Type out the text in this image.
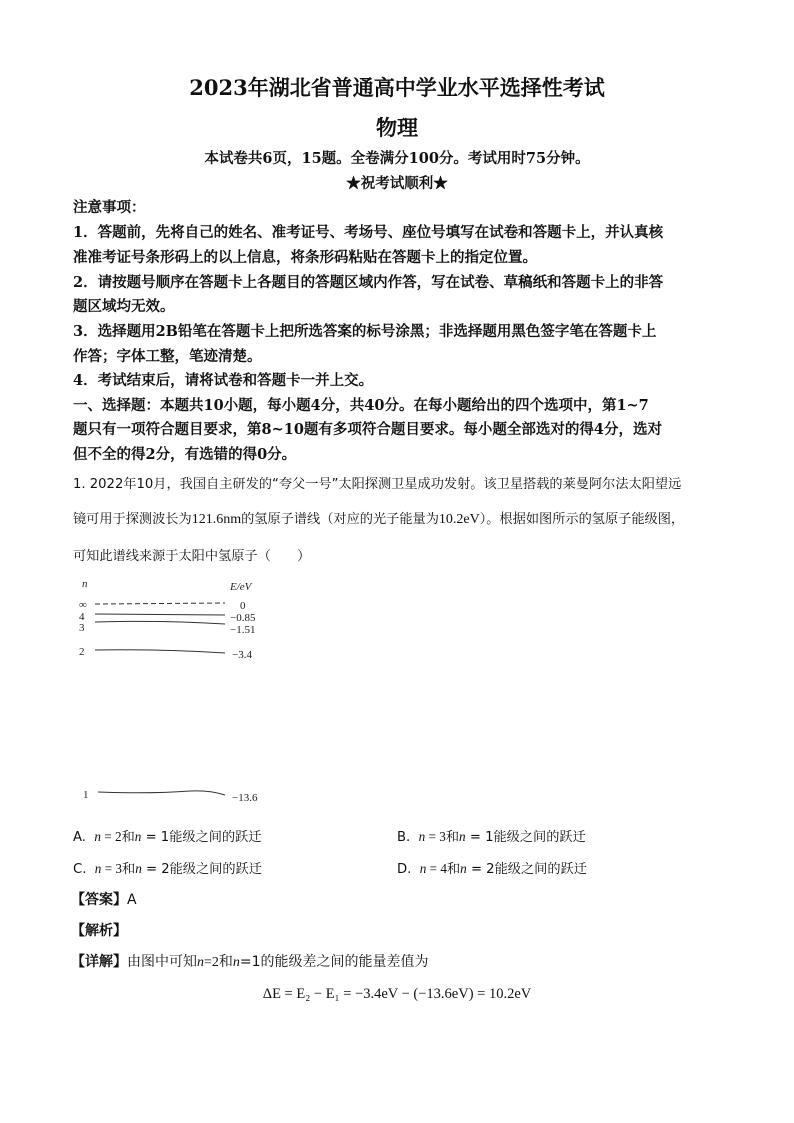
2023年湖北省普通高中学业水平选择性考试
物理
本试卷共6页，15题。全卷满分100分。考试用时75分钟。
★祝考试顺利★
注意事项：
1．答题前，先将自己的姓名、准考证号、考场号、座位号填写在试卷和答题卡上，并认真核
准准考证号条形码上的以上信息，将条形码粘贴在答题卡上的指定位置。
2．请按题号顺序在答题卡上各题目的答题区域内作答，写在试卷、草稿纸和答题卡上的非答
题区域均无效。
3．选择题用2B铅笔在答题卡上把所选答案的标号涂黑；非选择题用黑色签字笔在答题卡上
作答；字体工整，笔迹清楚。
4．考试结束后，请将试卷和答题卡一并上交。
一、选择题：本题共10小题，每小题4分，共40分。在每小题给出的四个选项中，第1~7
题只有一项符合题目要求，第8~10题有多项符合题目要求。每小题全部选对的得4分，选对
但不全的得2分，有选错的得0分。
1. 2022年10月，我国自主研发的“夸父一号”太阳探测卫星成功发射。该卫星搭载的莱曼阿尔法太阳望远
镜可用于探测波长为121.6nm的氢原子谱线（对应的光子能量为10.2eV）。根据如图所示的氢原子能级图，
可知此谱线来源于太阳中氢原子（　　）
n	E/eV
∞	0
4	−0.85
3	−1.51
2	−3.4
1	−13.6
A. n = 2和n = 1能级之间的跃迁	B. n = 3和n = 1能级之间的跃迁
C. n = 3和n = 2能级之间的跃迁	D. n = 4和n = 2能级之间的跃迁
【答案】A
【解析】
【详解】由图中可知n=2和n=1的能级差之间的能量差值为
ΔE = E₂ − E₁ = −3.4eV − (−13.6eV) = 10.2eV
